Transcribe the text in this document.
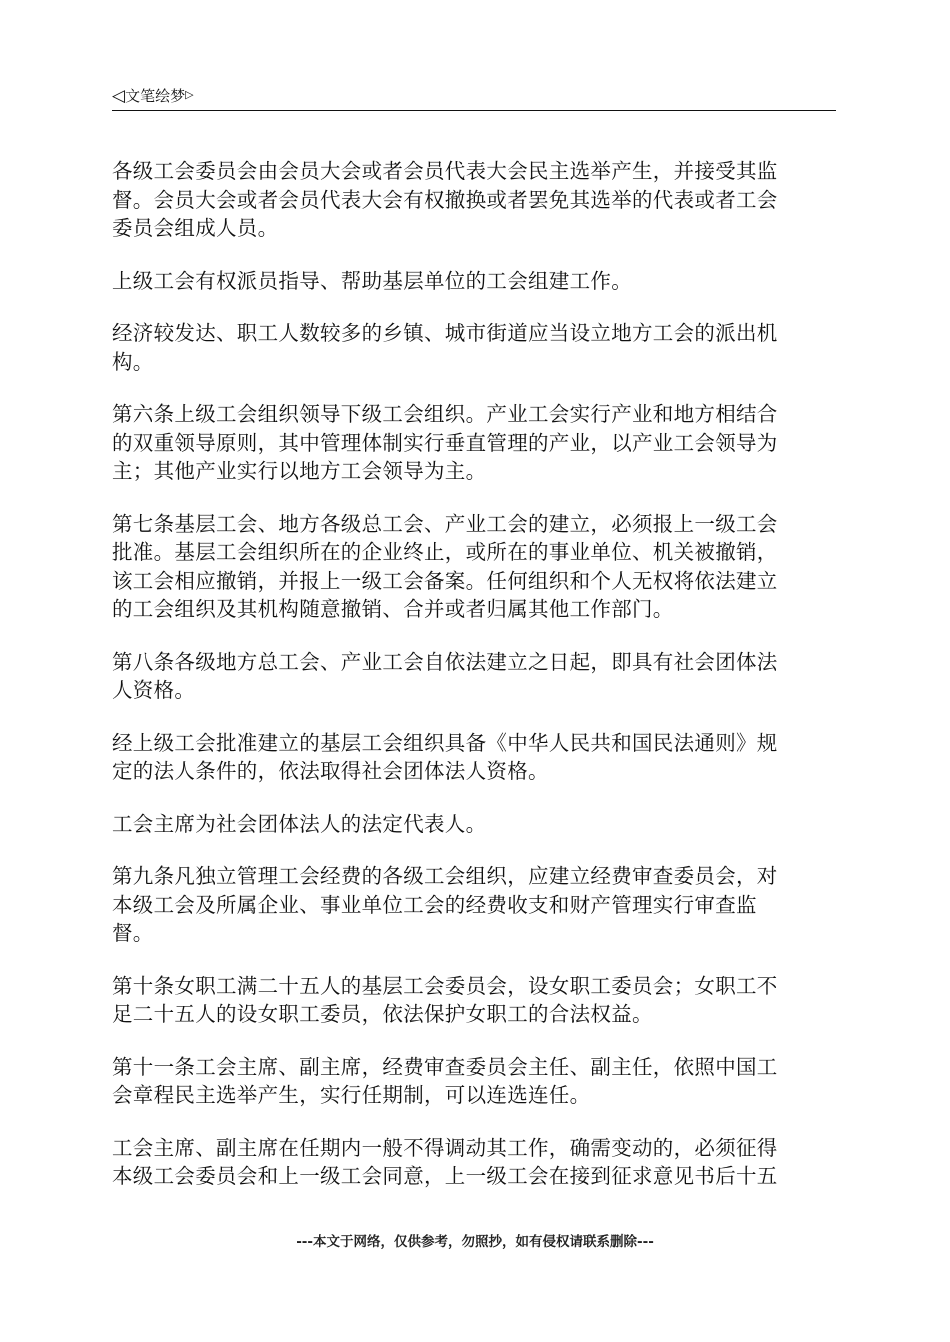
◁文笔绘梦▷

各级工会委员会由会员大会或者会员代表大会民主选举产生，并接受其监
督。会员大会或者会员代表大会有权撤换或者罢免其选举的代表或者工会
委员会组成人员。

上级工会有权派员指导、帮助基层单位的工会组建工作。

经济较发达、职工人数较多的乡镇、城市街道应当设立地方工会的派出机
构。

第六条上级工会组织领导下级工会组织。产业工会实行产业和地方相结合
的双重领导原则，其中管理体制实行垂直管理的产业，以产业工会领导为
主；其他产业实行以地方工会领导为主。

第七条基层工会、地方各级总工会、产业工会的建立，必须报上一级工会
批准。基层工会组织所在的企业终止，或所在的事业单位、机关被撤销，
该工会相应撤销，并报上一级工会备案。任何组织和个人无权将依法建立
的工会组织及其机构随意撤销、合并或者归属其他工作部门。

第八条各级地方总工会、产业工会自依法建立之日起，即具有社会团体法
人资格。

经上级工会批准建立的基层工会组织具备《中华人民共和国民法通则》规
定的法人条件的，依法取得社会团体法人资格。

工会主席为社会团体法人的法定代表人。

第九条凡独立管理工会经费的各级工会组织，应建立经费审查委员会，对
本级工会及所属企业、事业单位工会的经费收支和财产管理实行审查监
督。

第十条女职工满二十五人的基层工会委员会，设女职工委员会；女职工不
足二十五人的设女职工委员，依法保护女职工的合法权益。

第十一条工会主席、副主席，经费审查委员会主任、副主任，依照中国工
会章程民主选举产生，实行任期制，可以连选连任。

工会主席、副主席在任期内一般不得调动其工作，确需变动的，必须征得
本级工会委员会和上一级工会同意，上一级工会在接到征求意见书后十五

---本文于网络，仅供参考，勿照抄，如有侵权请联系删除---
